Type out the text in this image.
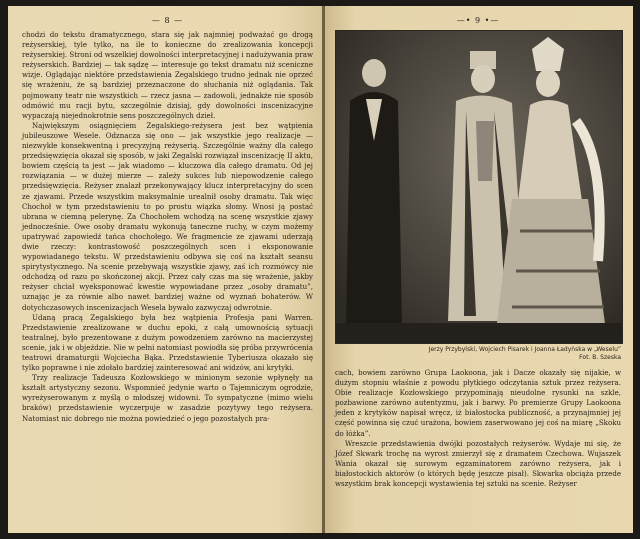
— 8 —

chodzi do tekstu dramatycznego, stara się jak najmniej podważać go drogą reżyserskiej, tyle tylko, na ile to konieczne do zrealizowania koncepcji reżyserskiej. Stroni od wszelkiej dowolności interpretacyjnej i nadużywania praw reżyserskich. Bardziej — tak sądzę — interesuje go tekst dramatu niż sceniczne wizje. Oglądając niektóre przedstawienia Zegalskiego trudno jednak nie oprzeć się wrażeniu, że są bardziej przeznaczone do słuchania niż oglądania. Tak pojmowany teatr nie wszystkich — rzecz jasna — zadowoli, jednakże nie sposób odmówić mu racji bytu, szczególnie dzisiaj, gdy dowolności inscenizacyjne wypaczają niejednokrotnie sens poszczególnych dzieł.

Największym osiągnięciem Zegalskiego-reżysera jest bez wątpienia jubileuszowe Wesele. Odznacza się ono — jak wszystkie jego realizacje — niezwykłe konsekwentną i precyzyjną reżyserią. Szczególnie ważny dla całego przedsięwzięcia okazał się sposób, w jaki Zegalski rozwiązał inscenizację II aktu, bowiem częścią ta jest — jak wiadomo — kluczowa dla całego dramatu. Od jej rozwiązania — w dużej mierze — zależy sukces lub niepowodzenie całego przedsięwzięcia. Reżyser znalazł przekonywający klucz interpretacyjny do scen ze zjawami. Przede wszystkim maksymalnie urealnił osoby dramatu. Tak więc Chochoł w tym przedstawieniu to po prostu wiązka słomy. Wnosi ją postać ubrana w ciemną pelerynę. Za Chochołem wchodzą na scenę wszystkie zjawy jednocześnie. Owe osoby dramatu wykonują taneczne ruchy, w czym możemy upatrywać zapowiedź tańca chochołego. We fragmencie ze zjawami uderzają dwie rzeczy: kontrastowość poszczególnych scen i eksponowanie wypowiadanego tekstu. W przedstawieniu odbywa się coś na kształt seansu spirytystycznego. Na scenie przebywają wszystkie zjawy, zaś ich rozmówcy nie odchodzą od razu po skończonej akcji. Przez cały czas ma się wrażenie, jakby reżyser chciał wyeksponować kwestie wypowiadane przez „osoby dramatu”, uznając je za równie albo nawet bardziej ważne od wyznań bohaterów. W dotychczasowych inscenizacjach Wesela bywało zazwyczaj odwrotnie.

Udaną pracą Zegalskiego była bez wątpienia Profesja pani Warren. Przedstawienie zrealizowane w duchu epoki, z całą umownością sytuacji teatralnej, było prezentowane z dużym powodzeniem zarówno na macierzystej scenie, jak i w objeździe. Nie w pełni natomiast powiodła się próba przywrócenia teatrowi dramaturgii Wojciecha Bąka. Przedstawienie Tyberiusza okazało się tylko poprawne i nie zdołało bardziej zainteresować ani widzów, ani krytyki.

Trzy realizacje Tadeusza Kozłowskiego w minionym sezonie wpłynęły na kształt artystyczny sezonu. Wspomnieć jedynie warto o Tajemniczym ogrodzie, wyreżyserowanym z myślą o młodszej widowni. To sympatyczne (mimo wielu braków) przedstawienie wyczerpuje w zasadzie pozytywy tego reżysera. Natomiast nic dobrego nie można powiedzieć o jego pozostałych pra-

—• 9 •—
Jerzy Przybylski, Wojciech Pisarek i Joanna Ładyńska w „Weselu”
Fot. B. Szeska

cach, bowiem zarówno Grupa Laokoona, jak i Dacze okazały się nijakie, w dużym stopniu właśnie z powodu płytkiego odczytania sztuk przez reżysera. Obie realizacje Kozłowskiego przypominają nieudolne rysunki na szkle, pozbawione zarówno autentyzmu, jak i barwy. Po premierze Grupy Laokoona jeden z krytyków napisał wręcz, iż białostocka publiczność, a przynajmniej jej część powinna się czuć urażona, bowiem zaserwowano jej coś na miarę „Skoku do łóżka”.

Wreszcie przedstawienia dwójki pozostałych reżyserów. Wydaje mi się, że Józef Skwark trochę na wyrost zmierzył się z dramatem Czechowa. Wujaszek Wania okazał się surowym egzaminatorem zarówno reżysera, jak i białostockich aktorów (o których będę jeszcze pisał). Skwarka obciąża przede wszystkim brak koncepcji wystawienia tej sztuki na scenie. Reżyser
